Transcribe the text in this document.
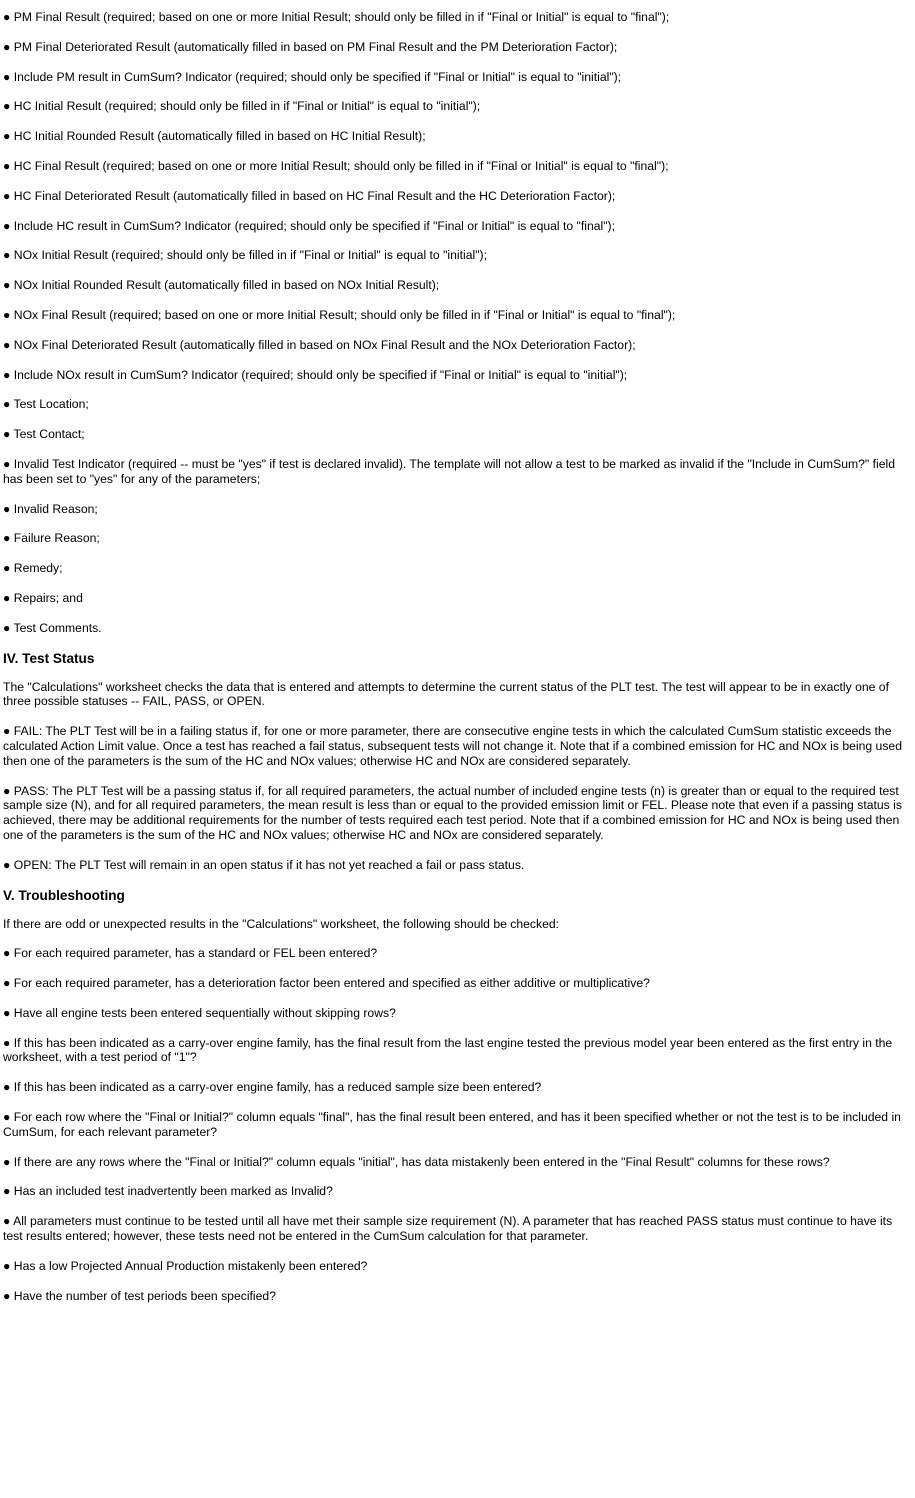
● PM Final Result (required; based on one or more Initial Result; should only be filled in if "Final or Initial" is equal to "final");
● PM Final Deteriorated Result (automatically filled in based on PM Final Result and the PM Deterioration Factor);
● Include PM result in CumSum? Indicator (required; should only be specified if "Final or Initial" is equal to "initial");
● HC Initial Result (required; should only be filled in if "Final or Initial" is equal to "initial");
● HC Initial Rounded Result (automatically filled in based on HC Initial Result);
● HC Final Result (required; based on one or more Initial Result; should only be filled in if "Final or Initial" is equal to "final");
● HC Final Deteriorated Result (automatically filled in based on HC Final Result and the HC Deterioration Factor);
● Include HC result in CumSum? Indicator (required; should only be specified if "Final or Initial" is equal to "final");
● NOx Initial Result (required; should only be filled in if "Final or Initial" is equal to "initial");
● NOx Initial Rounded Result (automatically filled in based on NOx Initial Result);
● NOx Final Result (required; based on one or more Initial Result; should only be filled in if "Final or Initial" is equal to "final");
● NOx Final Deteriorated Result (automatically filled in based on NOx Final Result and the NOx Deterioration Factor);
● Include NOx result in CumSum? Indicator (required; should only be specified if "Final or Initial" is equal to "initial");
● Test Location;
● Test Contact;
● Invalid Test Indicator (required -- must be "yes" if test is declared invalid). The template will not allow a test to be marked as invalid if the "Include in CumSum?" field has been set to "yes" for any of the parameters;
● Invalid Reason;
● Failure Reason;
● Remedy;
● Repairs; and
● Test Comments.
IV. Test Status
The "Calculations" worksheet checks the data that is entered and attempts to determine the current status of the PLT test. The test will appear to be in exactly one of three possible statuses -- FAIL, PASS, or OPEN.
● FAIL: The PLT Test will be in a failing status if, for one or more parameter, there are consecutive engine tests in which the calculated CumSum statistic exceeds the calculated Action Limit value. Once a test has reached a fail status, subsequent tests will not change it. Note that if a combined emission for HC and NOx is being used then one of the parameters is the sum of the HC and NOx values; otherwise HC and NOx are considered separately.
● PASS: The PLT Test will be a passing status if, for all required parameters, the actual number of included engine tests (n) is greater than or equal to the required test sample size (N), and for all required parameters, the mean result is less than or equal to the provided emission limit or FEL. Please note that even if a passing status is achieved, there may be additional requirements for the number of tests required each test period. Note that if a combined emission for HC and NOx is being used then one of the parameters is the sum of the HC and NOx values; otherwise HC and NOx are considered separately.
● OPEN: The PLT Test will remain in an open status if it has not yet reached a fail or pass status.
V. Troubleshooting
If there are odd or unexpected results in the "Calculations" worksheet, the following should be checked:
● For each required parameter, has a standard or FEL been entered?
● For each required parameter, has a deterioration factor been entered and specified as either additive or multiplicative?
● Have all engine tests been entered sequentially without skipping rows?
● If this has been indicated as a carry-over engine family, has the final result from the last engine tested the previous model year been entered as the first entry in the worksheet, with a test period of "1"?
● If this has been indicated as a carry-over engine family, has a reduced sample size been entered?
● For each row where the "Final or Initial?" column equals "final", has the final result been entered, and has it been specified whether or not the test is to be included in CumSum, for each relevant parameter?
● If there are any rows where the "Final or Initial?" column equals "initial", has data mistakenly been entered in the "Final Result" columns for these rows?
● Has an included test inadvertently been marked as Invalid?
● All parameters must continue to be tested until all have met their sample size requirement (N). A parameter that has reached PASS status must continue to have its test results entered; however, these tests need not be entered in the CumSum calculation for that parameter.
● Has a low Projected Annual Production mistakenly been entered?
● Have the number of test periods been specified?
